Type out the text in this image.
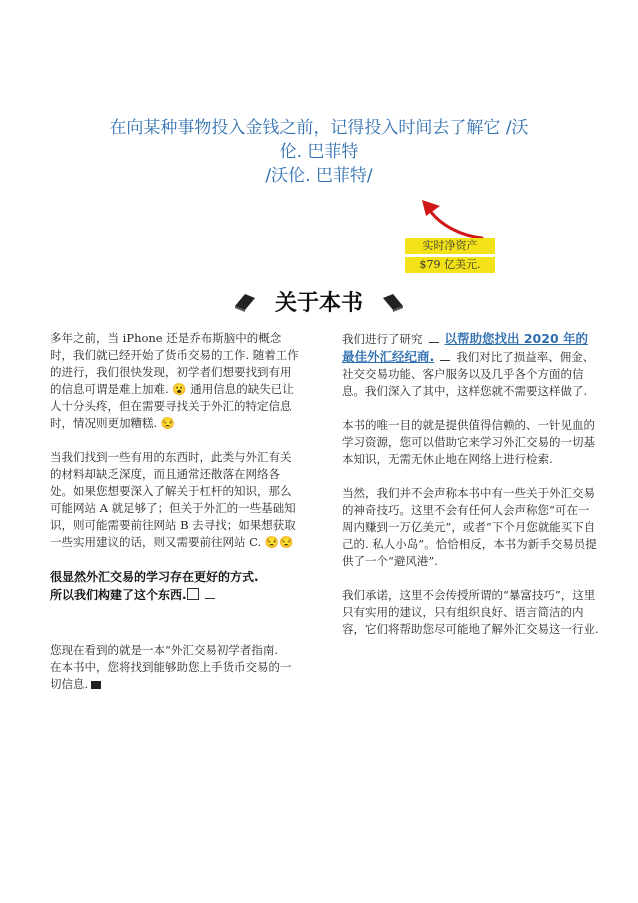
在向某种事物投入金钱之前，记得投入时间去了解它 /沃

伦. 巴菲特

/沃伦. 巴菲特/

实时净资产
$79 亿美元.
关于本书

多年之前，当 iPhone 还是乔布斯脑中的概念时，我们就已经开始了货币交易的工作. 随着工作的进行，我们很快发现，初学者们想要找到有用的信息可谓是难上加难. 😮 通用信息的缺失已让人十分头疼，但在需要寻找关于外汇的特定信息时，情况则更加糟糕. 😒

当我们找到一些有用的东西时，此类与外汇有关的材料却缺乏深度，而且通常还散落在网络各处。如果您想要深入了解关于杠杆的知识，那么可能网站 A 就足够了；但关于外汇的一些基础知识，则可能需要前往网站 B 去寻找；如果想获取一些实用建议的话，则又需要前往网站 C. 😒😒

很显然外汇交易的学习存在更好的方式.
所以我们构建了这个东西.

您现在看到的就是一本“外汇交易初学者指南.在本书中，您将找到能够助您上手货币交易的一切信息.

我们进行了研究 以帮助您找出 2020 年的最佳外汇经纪商. 我们对比了损益率、佣金、社交交易功能、客户服务以及几乎各个方面的信息。我们深入了其中，这样您就不需要这样做了.

本书的唯一目的就是提供值得信赖的、一针见血的学习资源，您可以借助它来学习外汇交易的一切基本知识，无需无休止地在网络上进行检索.

当然，我们并不会声称本书中有一些关于外汇交易的神奇技巧。这里不会有任何人会声称您“可在一周内赚到一万亿美元”，或者“下个月您就能买下自己的. 私人小岛”。恰恰相反，本书为新手交易员提供了一个“避风港”.

我们承诺，这里不会传授所谓的“暴富技巧”，这里只有实用的建议，只有组织良好、语言简洁的内容，它们将帮助您尽可能地了解外汇交易这一行业.
